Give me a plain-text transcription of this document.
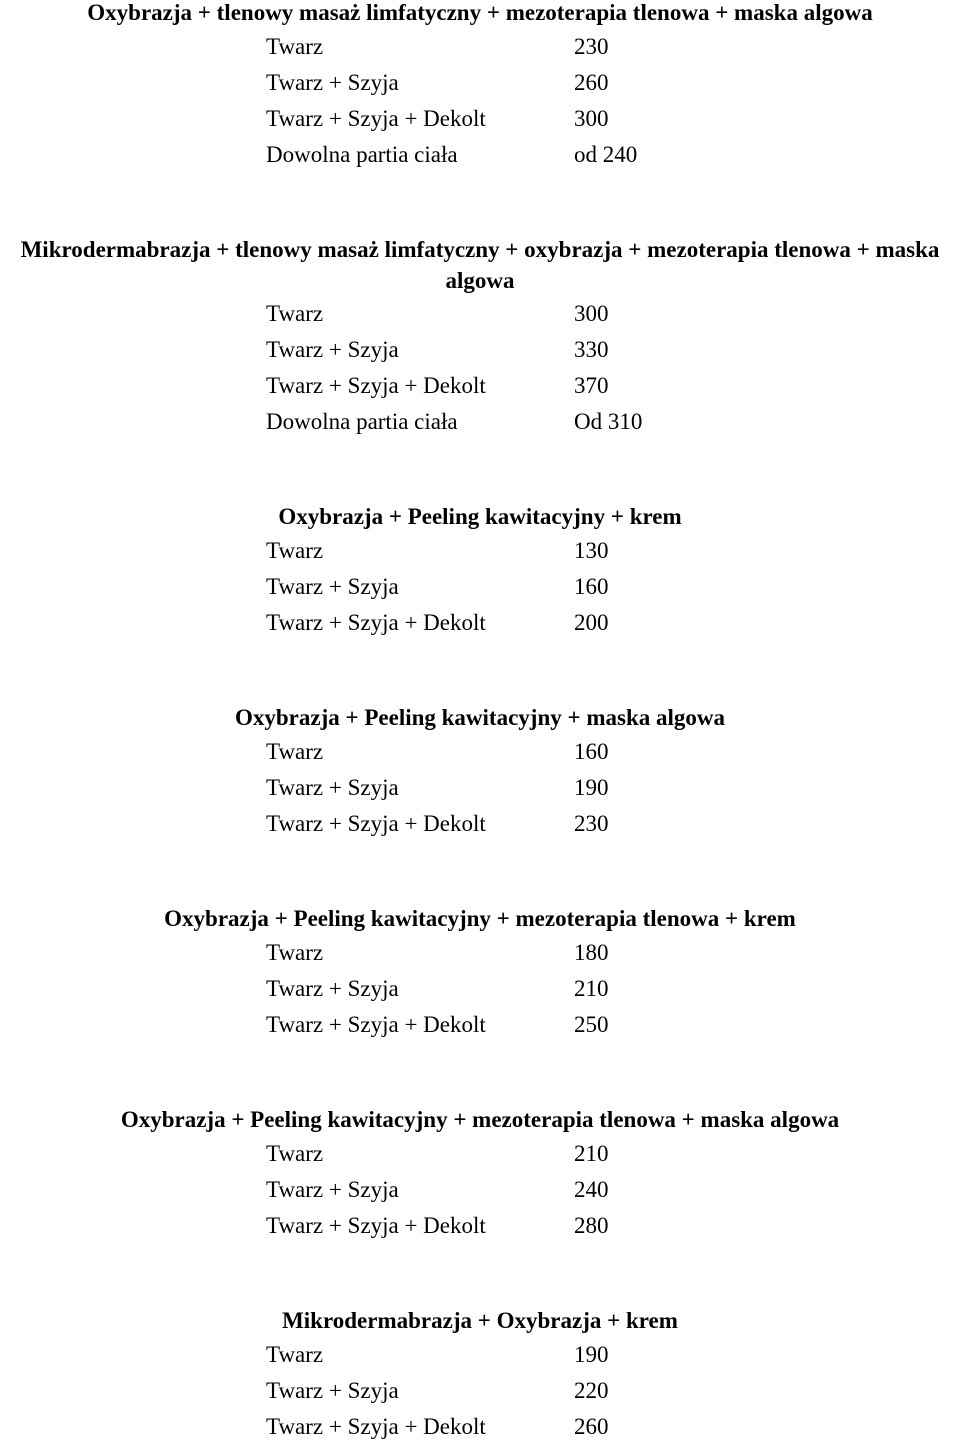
Oxybrazja + tlenowy masaż limfatyczny + mezoterapia tlenowa + maska algowa
Twarz	230
Twarz + Szyja	260
Twarz + Szyja + Dekolt	300
Dowolna partia ciała	od 240
Mikrodermabrazja + tlenowy masaż limfatyczny + oxybrazja + mezoterapia tlenowa + maska algowa
Twarz	300
Twarz + Szyja	330
Twarz + Szyja + Dekolt	370
Dowolna partia ciała	Od 310
Oxybrazja + Peeling kawitacyjny + krem
Twarz	130
Twarz + Szyja	160
Twarz + Szyja + Dekolt	200
Oxybrazja + Peeling kawitacyjny + maska algowa
Twarz	160
Twarz + Szyja	190
Twarz + Szyja + Dekolt	230
Oxybrazja + Peeling kawitacyjny + mezoterapia tlenowa + krem
Twarz	180
Twarz + Szyja	210
Twarz + Szyja + Dekolt	250
Oxybrazja + Peeling kawitacyjny + mezoterapia tlenowa + maska algowa
Twarz	210
Twarz + Szyja	240
Twarz + Szyja + Dekolt	280
Mikrodermabrazja + Oxybrazja + krem
Twarz	190
Twarz + Szyja	220
Twarz + Szyja + Dekolt	260
